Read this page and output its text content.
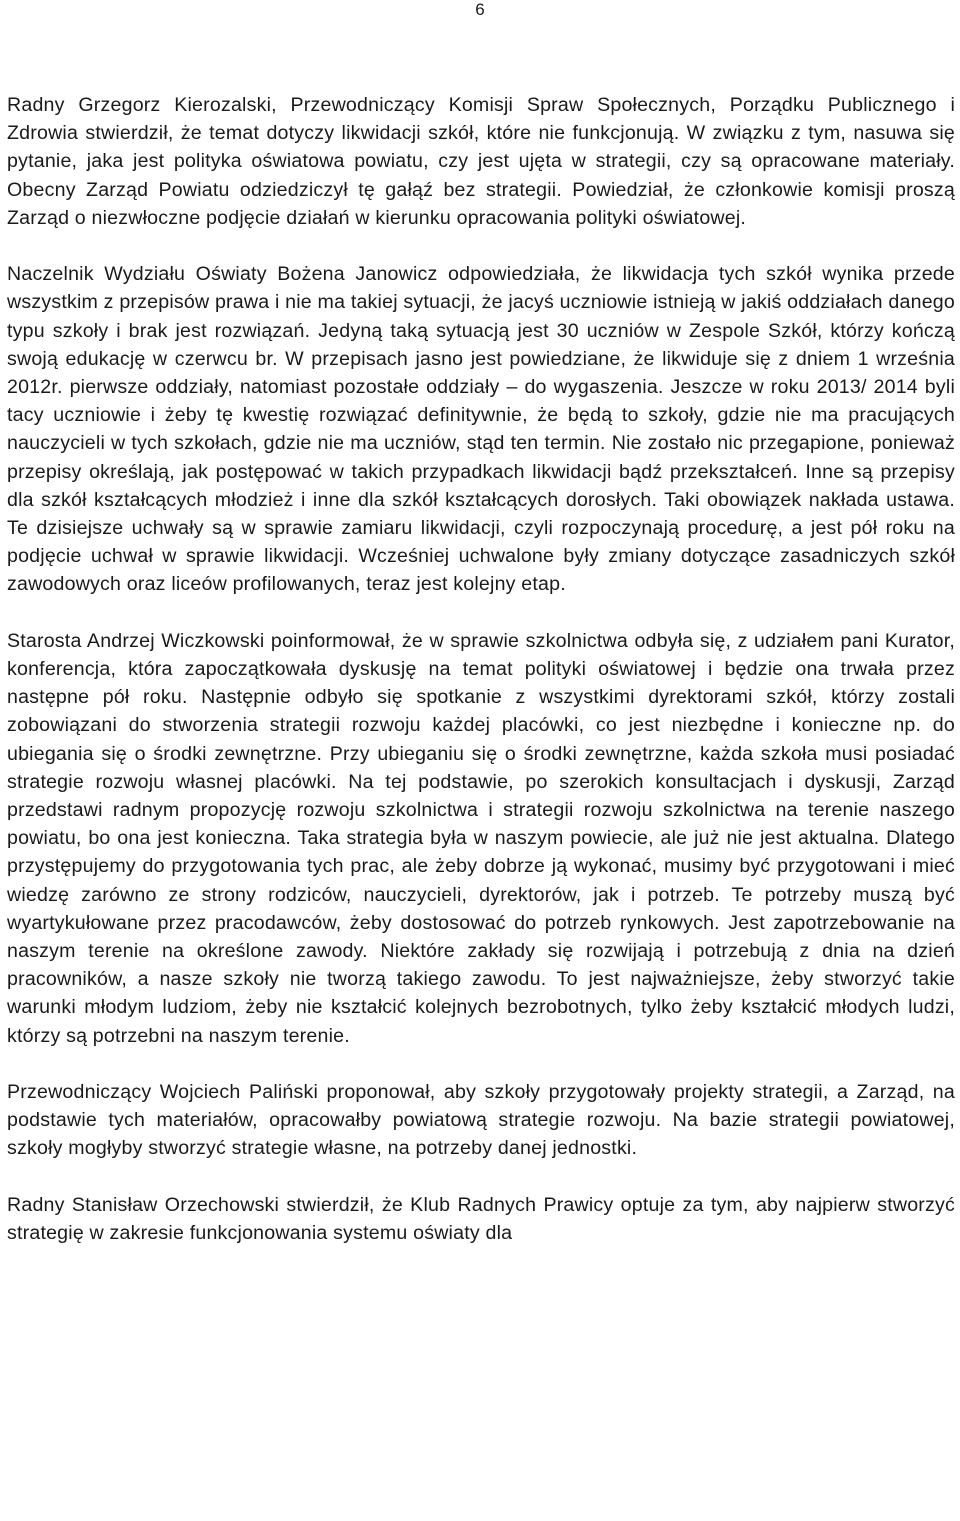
6

Radny Grzegorz Kierozalski, Przewodniczący Komisji Spraw Społecznych, Porządku Publicznego i Zdrowia stwierdził, że temat dotyczy likwidacji szkół, które nie funkcjonują. W związku z tym, nasuwa się pytanie, jaka jest polityka oświatowa powiatu, czy jest ujęta w strategii, czy są opracowane materiały. Obecny Zarząd Powiatu odziedziczył tę gałąź bez strategii. Powiedział, że członkowie komisji proszą Zarząd o niezwłoczne podjęcie działań w kierunku opracowania polityki oświatowej.

Naczelnik Wydziału Oświaty Bożena Janowicz odpowiedziała, że likwidacja tych szkół wynika przede wszystkim z przepisów prawa i nie ma takiej sytuacji, że jacyś uczniowie istnieją w jakiś oddziałach danego typu szkoły i brak jest rozwiązań. Jedyną taką sytuacją jest 30 uczniów w Zespole Szkół, którzy kończą swoją edukację w czerwcu br. W przepisach jasno jest powiedziane, że likwiduje się z dniem 1 września 2012r. pierwsze oddziały, natomiast pozostałe oddziały – do wygaszenia. Jeszcze w roku 2013/ 2014 byli tacy uczniowie i żeby tę kwestię rozwiązać definitywnie, że będą to szkoły, gdzie nie ma pracujących nauczycieli w tych szkołach, gdzie nie ma uczniów, stąd ten termin. Nie zostało nic przegapione, ponieważ przepisy określają, jak postępować w takich przypadkach likwidacji bądź przekształceń. Inne są przepisy dla szkół kształcących młodzież i inne dla szkół kształcących dorosłych. Taki obowiązek nakłada ustawa. Te dzisiejsze uchwały są w sprawie zamiaru likwidacji, czyli rozpoczynają procedurę, a jest pół roku na podjęcie uchwał w sprawie likwidacji. Wcześniej uchwalone były zmiany dotyczące zasadniczych szkół zawodowych oraz liceów profilowanych, teraz jest kolejny etap.

Starosta Andrzej Wiczkowski poinformował, że w sprawie szkolnictwa odbyła się, z udziałem pani Kurator, konferencja, która zapoczątkowała dyskusję na temat polityki oświatowej i będzie ona trwała przez następne pół roku. Następnie odbyło się spotkanie z wszystkimi dyrektorami szkół, którzy zostali zobowiązani do stworzenia strategii rozwoju każdej placówki, co jest niezbędne i konieczne np. do ubiegania się o środki zewnętrzne. Przy ubieganiu się o środki zewnętrzne, każda szkoła musi posiadać strategie rozwoju własnej placówki. Na tej podstawie, po szerokich konsultacjach i dyskusji, Zarząd przedstawi radnym propozycję rozwoju szkolnictwa i strategii rozwoju szkolnictwa na terenie naszego powiatu, bo ona jest konieczna. Taka strategia była w naszym powiecie, ale już nie jest aktualna. Dlatego przystępujemy do przygotowania tych prac, ale żeby dobrze ją wykonać, musimy być przygotowani i mieć wiedzę zarówno ze strony rodziców, nauczycieli, dyrektorów, jak i potrzeb. Te potrzeby muszą być wyartykułowane przez pracodawców, żeby dostosować do potrzeb rynkowych. Jest zapotrzebowanie na naszym terenie na określone zawody. Niektóre zakłady się rozwijają i potrzebują z dnia na dzień pracowników, a nasze szkoły nie tworzą takiego zawodu. To jest najważniejsze, żeby stworzyć takie warunki młodym ludziom, żeby nie kształcić kolejnych bezrobotnych, tylko żeby kształcić młodych ludzi, którzy są potrzebni na naszym terenie.

Przewodniczący Wojciech Paliński proponował, aby szkoły przygotowały projekty strategii, a Zarząd, na podstawie tych materiałów, opracowałby powiatową strategie rozwoju. Na bazie strategii powiatowej, szkoły mogłyby stworzyć strategie własne, na potrzeby danej jednostki.

Radny Stanisław Orzechowski stwierdził, że Klub Radnych Prawicy optuje za tym, aby najpierw stworzyć strategię w zakresie funkcjonowania systemu oświaty dla
